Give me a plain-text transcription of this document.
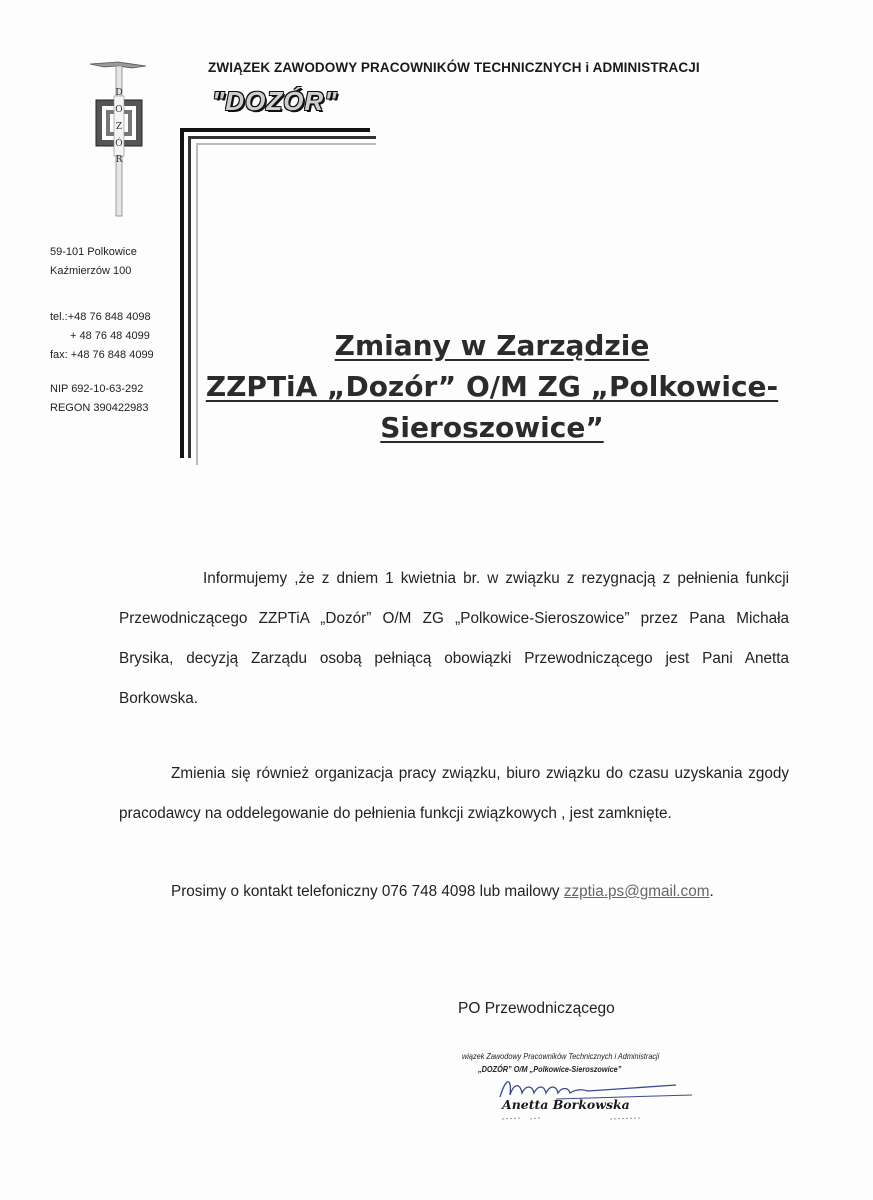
D
O
Z
Ó
R
ZWIĄZEK ZAWODOWY PRACOWNIKÓW TECHNICZNYCH i ADMINISTRACJI
"DOZÓR"
59-101 Polkowice
Kaźmierzów 100
tel.:+48 76 848 4098
+ 48 76 48 4099
fax: +48 76 848 4099
NIP 692-10-63-292
REGON 390422983
Zmiany w Zarządzie
ZZPTiA „Dozór” O/M ZG „Polkowice-
Sieroszowice”
Informujemy ,że z dniem 1 kwietnia br. w związku z rezygnacją z pełnienia funkcji Przewodniczącego ZZPTiA „Dozór” O/M ZG „Polkowice-Sieroszowice” przez Pana Michała Brysika, decyzją Zarządu osobą pełniącą obowiązki Przewodniczącego jest Pani Anetta Borkowska.
Zmienia się również organizacja pracy związku, biuro związku do czasu uzyskania zgody pracodawcy na oddelegowanie do pełnienia funkcji związkowych , jest zamknięte.
Prosimy o kontakt telefoniczny 076 748 4098 lub mailowy zzptia.ps@gmail.com.
PO Przewodniczącego
wiązek Zawodowy Pracowników Technicznych i Administracji
„DOZÓR” O/M „Polkowice-Sieroszowice”
Anetta Borkowska
